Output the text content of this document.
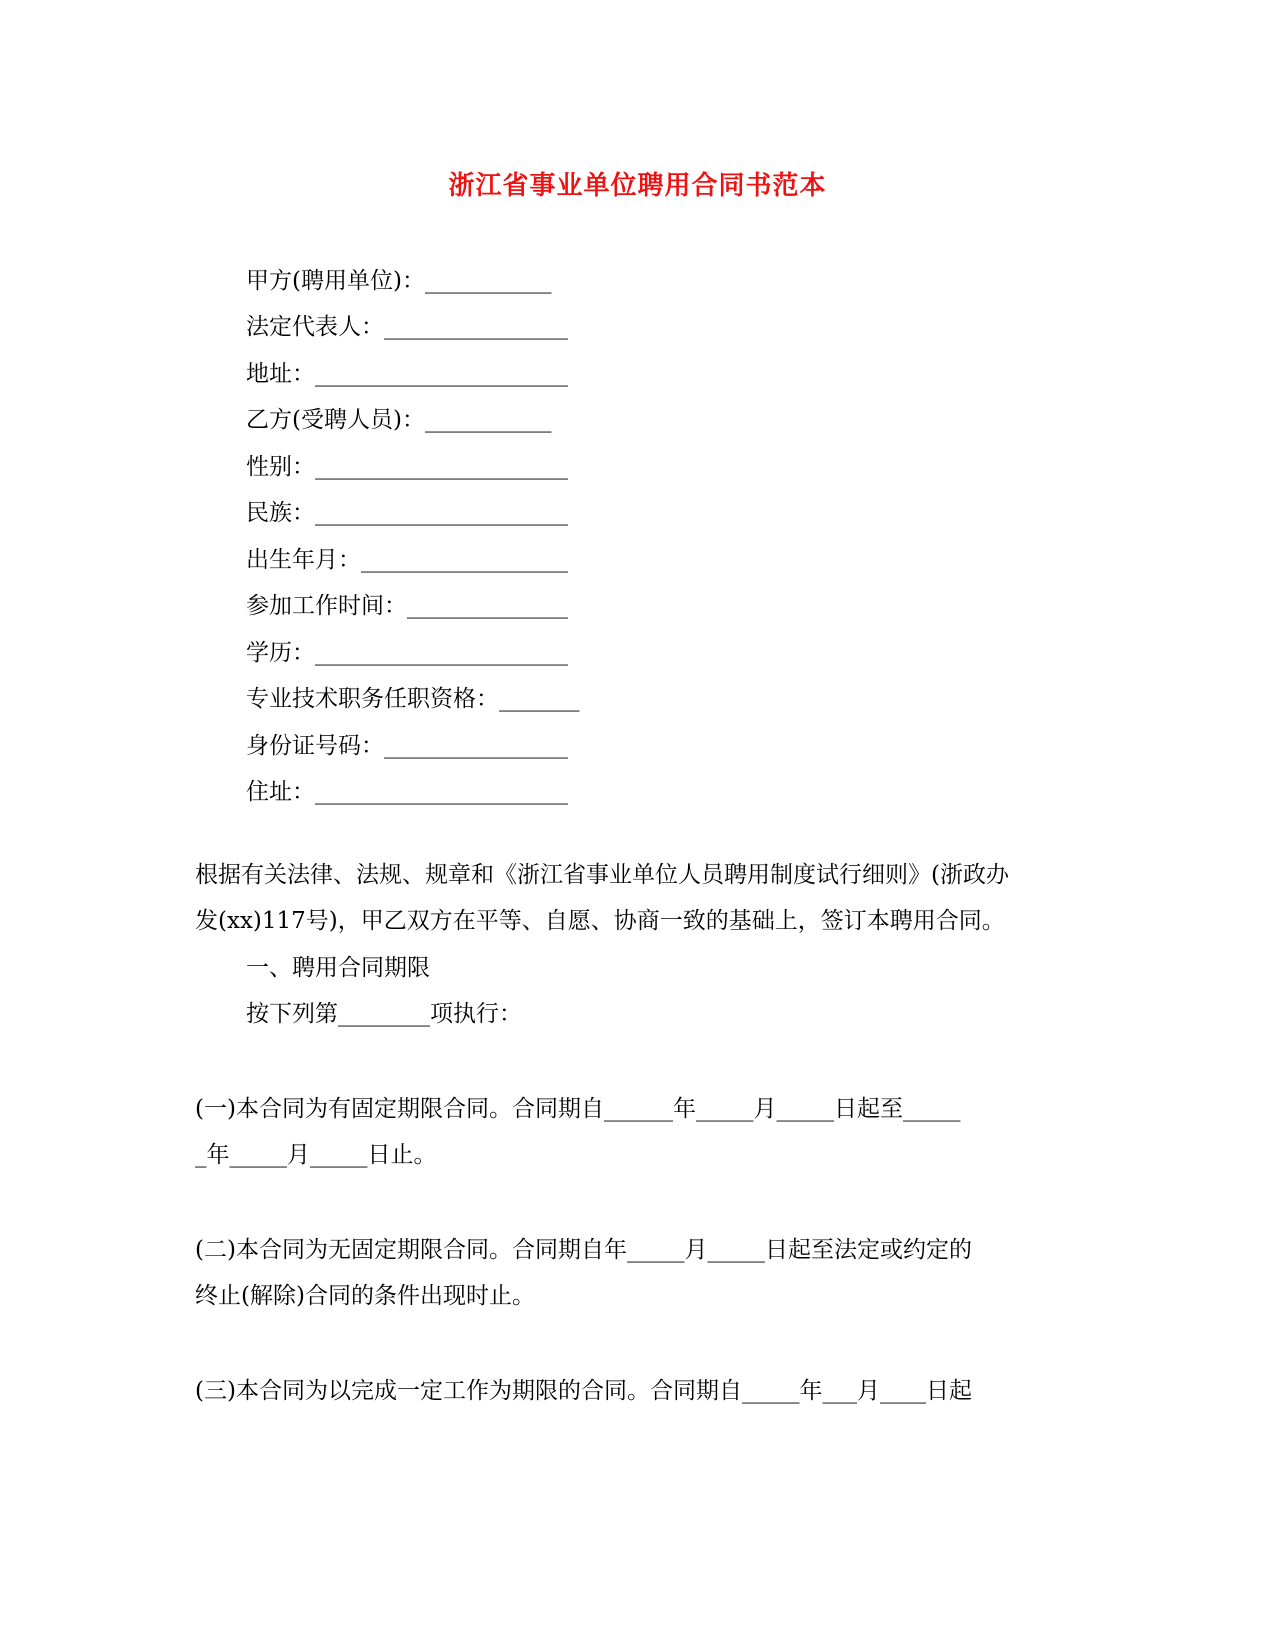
浙江省事业单位聘用合同书范本
甲方(聘用单位)：___________
法定代表人：________________
地址：______________________
乙方(受聘人员)：___________
性别：______________________
民族：______________________
出生年月：__________________
参加工作时间：______________
学历：______________________
专业技术职务任职资格：_______
身份证号码：________________
住址：______________________
根据有关法律、法规、规章和《浙江省事业单位人员聘用制度试行细则》(浙政办
发(xx)117号)，甲乙双方在平等、自愿、协商一致的基础上，签订本聘用合同。
一、聘用合同期限
按下列第________项执行：
(一)本合同为有固定期限合同。合同期自______年_____月_____日起至_____
_年_____月_____日止。
(二)本合同为无固定期限合同。合同期自年_____月_____日起至法定或约定的
终止(解除)合同的条件出现时止。
(三)本合同为以完成一定工作为期限的合同。合同期自_____年___月____日起
